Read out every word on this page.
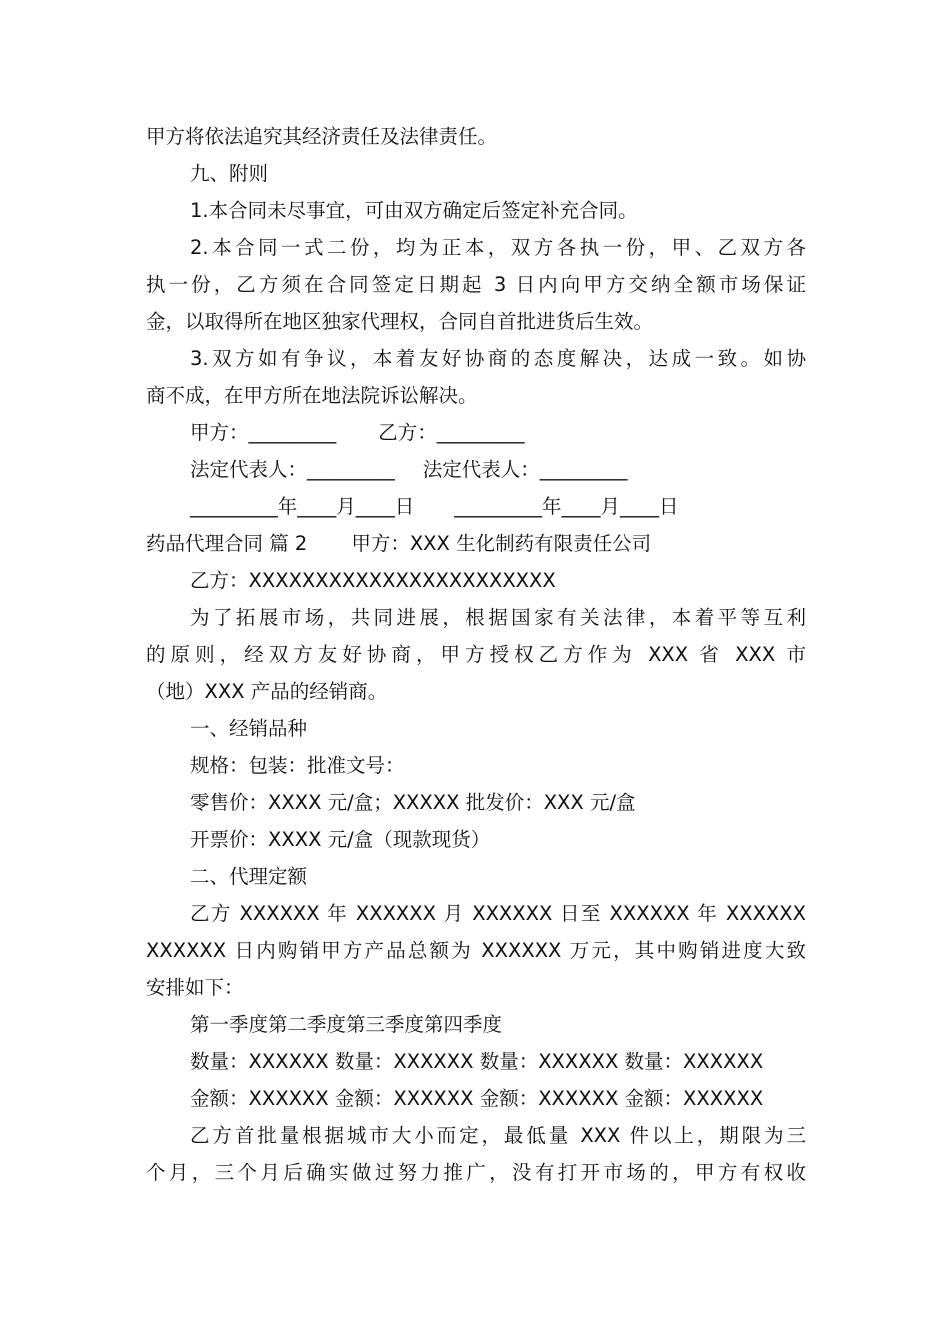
甲方将依法追究其经济责任及法律责任。
九、附则
1.本合同未尽事宜，可由双方确定后签定补充合同。
2.本合同一式二份，均为正本，双方各执一份，甲、乙双方各
执一份，乙方须在合同签定日期起 3 日内向甲方交纳全额市场保证
金，以取得所在地区独家代理权，合同自首批进货后生效。
3.双方如有争议，本着友好协商的态度解决，达成一致。如协
商不成，在甲方所在地法院诉讼解决。
甲方：_________ 乙方：_________
法定代表人：_________ 法定代表人：_________
_________年____月____日 _________年____月____日
药品代理合同 篇 2 甲方：XXX 生化制药有限责任公司
乙方：XXXXXXXXXXXXXXXXXXXXXXX
为了拓展市场，共同进展，根据国家有关法律，本着平等互利
的原则，经双方友好协商，甲方授权乙方作为 XXX 省 XXX 市
（地）XXX 产品的经销商。
一、经销品种
规格：包装：批准文号：
零售价：XXXX 元/盒；XXXXX 批发价：XXX 元/盒
开票价：XXXX 元/盒（现款现货）
二、代理定额
乙方 XXXXXX 年 XXXXXX 月 XXXXXX 日至 XXXXXX 年 XXXXXX
XXXXXX 日内购销甲方产品总额为 XXXXXX 万元，其中购销进度大致
安排如下：
第一季度第二季度第三季度第四季度
数量：XXXXXX 数量：XXXXXX 数量：XXXXXX 数量：XXXXXX
金额：XXXXXX 金额：XXXXXX 金额：XXXXXX 金额：XXXXXX
乙方首批量根据城市大小而定，最低量 XXX 件以上，期限为三
个月，三个月后确实做过努力推广，没有打开市场的，甲方有权收
